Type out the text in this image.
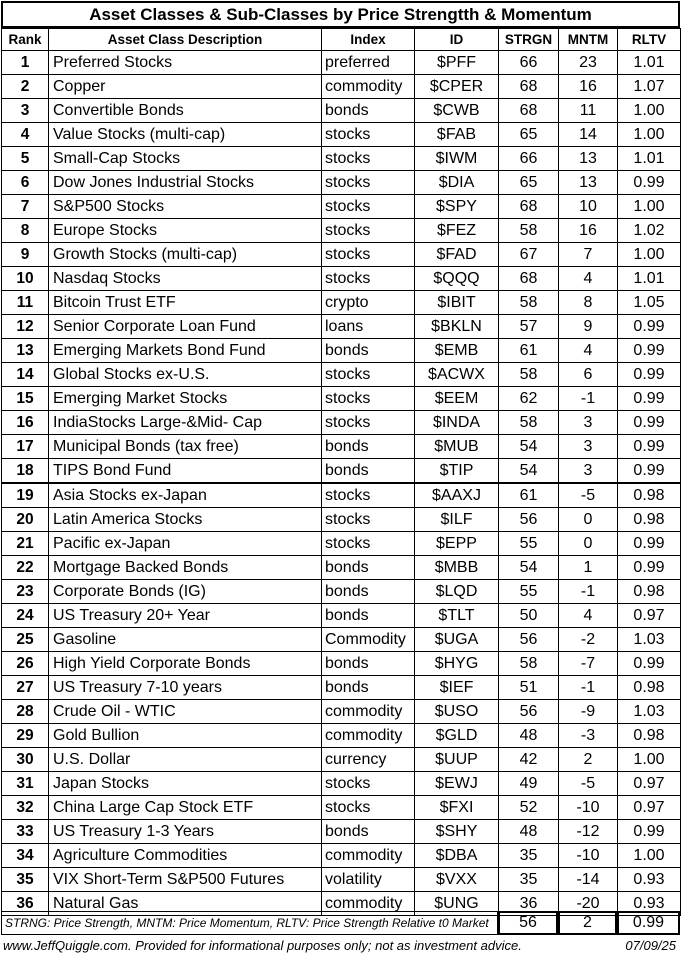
Asset Classes & Sub-Classes by Price Strengtth & Momentum
Rank	Asset Class Description	Index	ID	STRGN	MNTM	RLTV
1	Preferred Stocks	preferred	$PFF	66	23	1.01
2	Copper	commodity	$CPER	68	16	1.07
3	Convertible Bonds	bonds	$CWB	68	11	1.00
4	Value Stocks (multi-cap)	stocks	$FAB	65	14	1.00
5	Small-Cap Stocks	stocks	$IWM	66	13	1.01
6	Dow Jones Industrial Stocks	stocks	$DIA	65	13	0.99
7	S&P500 Stocks	stocks	$SPY	68	10	1.00
8	Europe Stocks	stocks	$FEZ	58	16	1.02
9	Growth Stocks (multi-cap)	stocks	$FAD	67	7	1.00
10	Nasdaq Stocks	stocks	$QQQ	68	4	1.01
11	Bitcoin Trust ETF	crypto	$IBIT	58	8	1.05
12	Senior Corporate Loan Fund	loans	$BKLN	57	9	0.99
13	Emerging Markets Bond Fund	bonds	$EMB	61	4	0.99
14	Global Stocks ex-U.S.	stocks	$ACWX	58	6	0.99
15	Emerging Market Stocks	stocks	$EEM	62	-1	0.99
16	IndiaStocks Large-&Mid- Cap	stocks	$INDA	58	3	0.99
17	Municipal Bonds (tax free)	bonds	$MUB	54	3	0.99
18	TIPS Bond Fund	bonds	$TIP	54	3	0.99
19	Asia Stocks ex-Japan	stocks	$AAXJ	61	-5	0.98
20	Latin America Stocks	stocks	$ILF	56	0	0.98
21	Pacific ex-Japan	stocks	$EPP	55	0	0.99
22	Mortgage Backed Bonds	bonds	$MBB	54	1	0.99
23	Corporate Bonds (IG)	bonds	$LQD	55	-1	0.98
24	US Treasury 20+ Year	bonds	$TLT	50	4	0.97
25	Gasoline	Commodity	$UGA	56	-2	1.03
26	High Yield Corporate Bonds	bonds	$HYG	58	-7	0.99
27	US Treasury 7-10 years	bonds	$IEF	51	-1	0.98
28	Crude Oil - WTIC	commodity	$USO	56	-9	1.03
29	Gold Bullion	commodity	$GLD	48	-3	0.98
30	U.S. Dollar	currency	$UUP	42	2	1.00
31	Japan Stocks	stocks	$EWJ	49	-5	0.97
32	China Large Cap Stock ETF	stocks	$FXI	52	-10	0.97
33	US Treasury 1-3 Years	bonds	$SHY	48	-12	0.99
34	Agriculture Commodities	commodity	$DBA	35	-10	1.00
35	VIX Short-Term S&P500 Futures	volatility	$VXX	35	-14	0.93
36	Natural Gas	commodity	$UNG	36	-20	0.93
STRNG: Price Strength, MNTM: Price Momentum, RLTV: Price Strength Relative t0 Market	56	2	0.99
www.JeffQuiggle.com. Provided for informational purposes only; not as investment advice.	07/09/25
